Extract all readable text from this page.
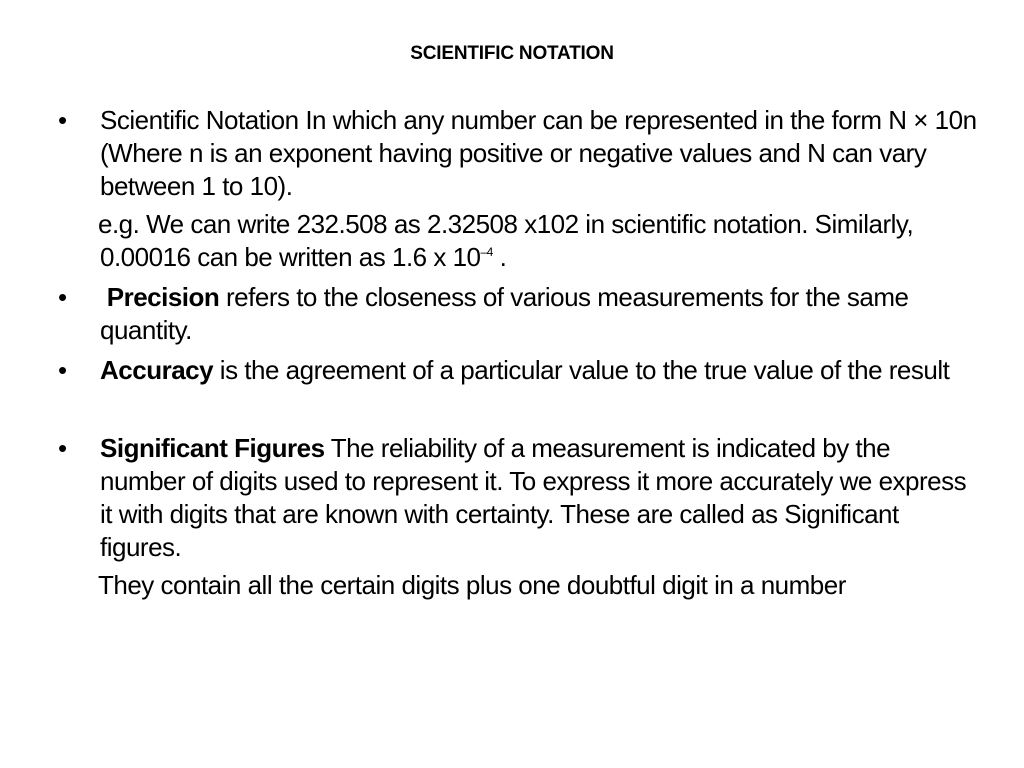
SCIENTIFIC NOTATION
•	Scientific Notation In which any number can be represented in the form N × 10n (Where n is an exponent having positive or negative values and N can vary between 1 to 10).
e.g. We can write 232.508 as 2.32508 x102 in scientific notation. Similarly, 0.00016 can be written as 1.6 x $10^{-4}$ .
•	Precision refers to the closeness of various measurements for the same quantity.
•	Accuracy is the agreement of a particular value to the true value of the result
•	Significant Figures The reliability of a measurement is indicated by the number of digits used to represent it. To express it more accurately we express it with digits that are known with certainty. These are called as Significant figures.
They contain all the certain digits plus one doubtful digit in a number
